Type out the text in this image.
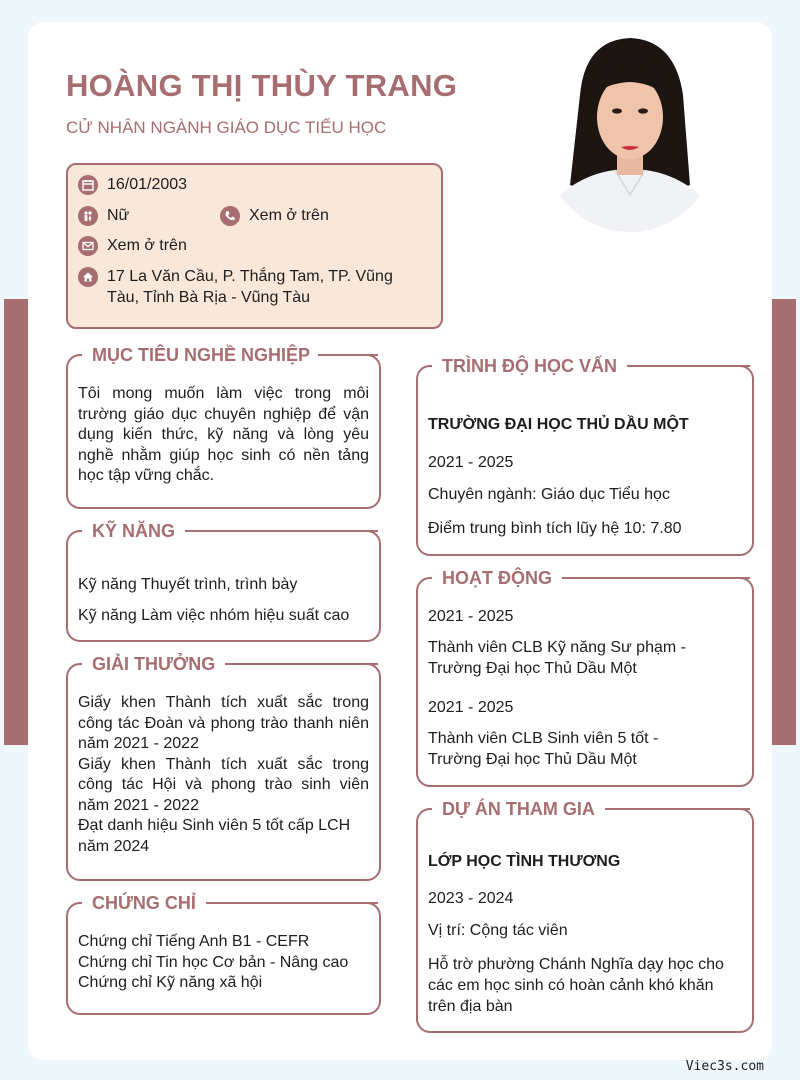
HOÀNG THỊ THÙY TRANG
CỬ NHÂN NGÀNH GIÁO DỤC TIỂU HỌC
16/01/2003
Nữ	Xem ở trên
Xem ở trên
17 La Văn Cầu, P. Thắng Tam, TP. Vũng Tàu, Tỉnh Bà Rịa - Vũng Tàu
MỤC TIÊU NGHỀ NGHIỆP
Tôi mong muốn làm việc trong môi trường giáo dục chuyên nghiệp để vận dụng kiến thức, kỹ năng và lòng yêu nghề nhằm giúp học sinh có nền tảng học tập vững chắc.
KỸ NĂNG
Kỹ năng Thuyết trình, trình bày
Kỹ năng Làm việc nhóm hiệu suất cao
GIẢI THƯỞNG
Giấy khen Thành tích xuất sắc trong công tác Đoàn và phong trào thanh niên năm 2021 - 2022
Giấy khen Thành tích xuất sắc trong công tác Hội và phong trào sinh viên năm 2021 - 2022
Đạt danh hiệu Sinh viên 5 tốt cấp LCH năm 2024
CHỨNG CHỈ
Chứng chỉ Tiếng Anh B1 - CEFR
Chứng chỉ Tin học Cơ bản - Nâng cao
Chứng chỉ Kỹ năng xã hội
TRÌNH ĐỘ HỌC VẤN
TRƯỜNG ĐẠI HỌC THỦ DẦU MỘT
2021 - 2025
Chuyên ngành: Giáo dục Tiểu học
Điểm trung bình tích lũy hệ 10: 7.80
HOẠT ĐỘNG
2021 - 2025
Thành viên CLB Kỹ năng Sư phạm - Trường Đại học Thủ Dầu Một
2021 - 2025
Thành viên CLB Sinh viên 5 tốt - Trường Đại học Thủ Dầu Một
DỰ ÁN THAM GIA
LỚP HỌC TÌNH THƯƠNG
2023 - 2024
Vị trí: Cộng tác viên
Hỗ trờ phường Chánh Nghĩa dạy học cho các em học sinh có hoàn cảnh khó khăn trên địa bàn
Viec3s.com
